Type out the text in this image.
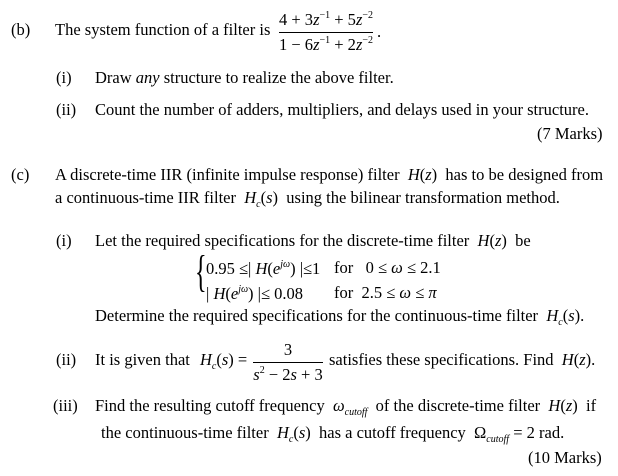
(b) The system function of a filter is
$4 + 3z^{-1} + 5z^{-2}$
$1 - 6z^{-1} + 2z^{-2}$ .
(i) Draw any structure to realize the above filter.
(ii) Count the number of adders, multipliers, and delays used in your structure.
(7 Marks)
(c) A discrete-time IIR (infinite impulse response) filter H(z)  has to be designed from
a continuous-time IIR filter $H_c(s)$  using the bilinear transformation method.
(i) Let the required specifications for the discrete-time filter H(z)  be
{ 0.95 ≤| $H(e^{j\omega})$ |≤1 for   0 ≤ ω ≤ 2.1
| $H(e^{j\omega})$ |≤ 0.08 for  2.5 ≤ ω ≤ π
Determine the required specifications for the continuous-time filter $H_c(s)$.
(ii) It is given that $H_c(s)$ =
3
$s^2 - 2s + 3$
satisfies these specifications. Find H(z).
(iii) Find the resulting cutoff frequency $\omega_{cutoff}$ of the discrete-time filter H(z)  if
the continuous-time filter $H_c(s)$  has a cutoff frequency  $\Omega_{cutoff} = 2$ rad.
(10 Marks)
